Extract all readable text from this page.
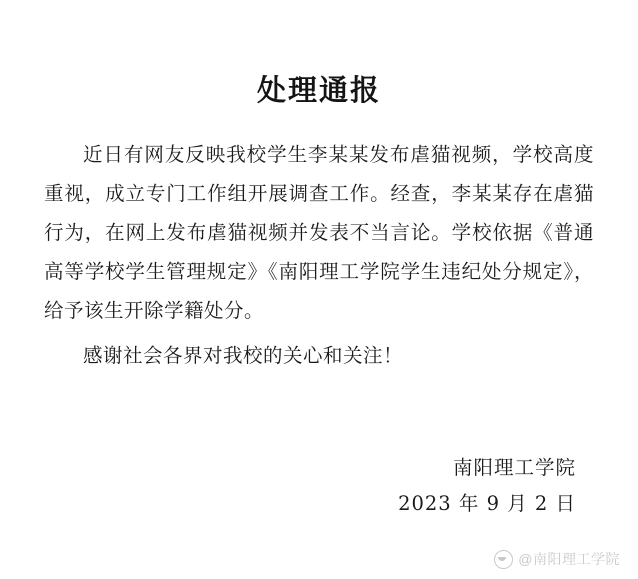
处理通报

近日有网友反映我校学生李某某发布虐猫视频，学校高度重视，成立专门工作组开展调查工作。经查，李某某存在虐猫行为，在网上发布虐猫视频并发表不当言论。学校依据《普通高等学校学生管理规定》《南阳理工学院学生违纪处分规定》，给予该生开除学籍处分。

感谢社会各界对我校的关心和关注！

南阳理工学院
2023 年 9 月 2 日
@南阳理工学院
